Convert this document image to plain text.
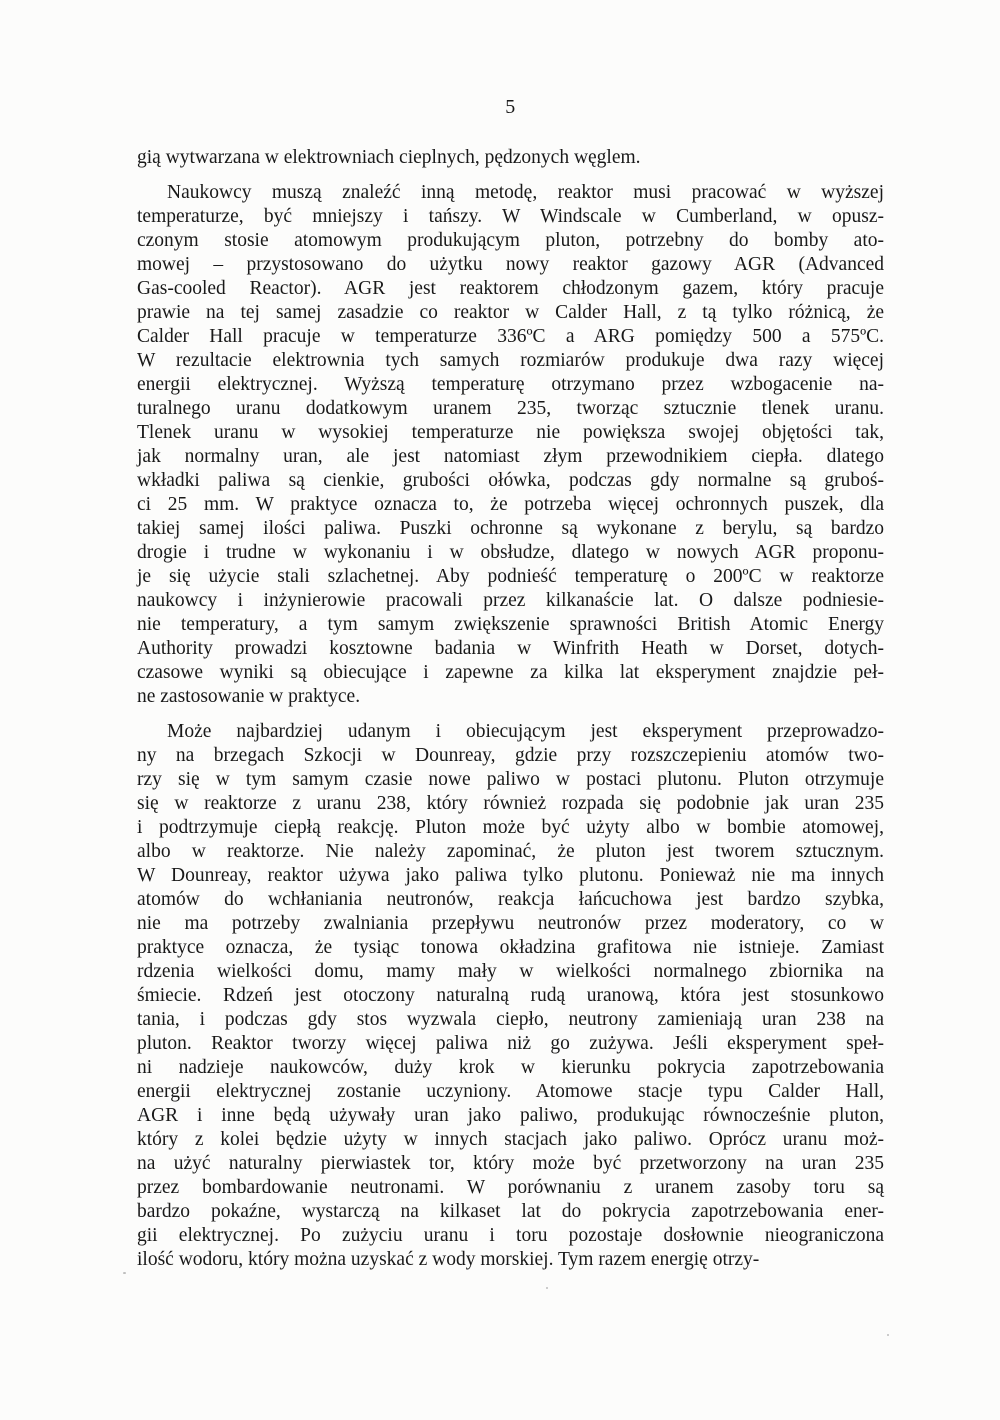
5
gią wytwarzana w elektrowniach cieplnych, pędzonych węglem.
Naukowcy muszą znaleźć inną metodę, reaktor musi pracować w wyższej
temperaturze, być mniejszy i tańszy. W Windscale w Cumberland, w opusz-
czonym stosie atomowym produkującym pluton, potrzebny do bomby ato-
mowej – przystosowano do użytku nowy reaktor gazowy AGR (Advanced
Gas-cooled Reactor). AGR jest reaktorem chłodzonym gazem, który pracuje
prawie na tej samej zasadzie co reaktor w Calder Hall, z tą tylko różnicą, że
Calder Hall pracuje w temperaturze 336ºC a ARG pomiędzy 500 a 575ºC.
W rezultacie elektrownia tych samych rozmiarów produkuje dwa razy więcej
energii elektrycznej. Wyższą temperaturę otrzymano przez wzbogacenie na-
turalnego uranu dodatkowym uranem 235, tworząc sztucznie tlenek uranu.
Tlenek uranu w wysokiej temperaturze nie powiększa swojej objętości tak,
jak normalny uran, ale jest natomiast złym przewodnikiem ciepła. dlatego
wkładki paliwa są cienkie, grubości ołówka, podczas gdy normalne są gruboś-
ci 25 mm. W praktyce oznacza to, że potrzeba więcej ochronnych puszek, dla
takiej samej ilości paliwa. Puszki ochronne są wykonane z berylu, są bardzo
drogie i trudne w wykonaniu i w obsłudze, dlatego w nowych AGR proponu-
je się użycie stali szlachetnej. Aby podnieść temperaturę o 200ºC w reaktorze
naukowcy i inżynierowie pracowali przez kilkanaście lat. O dalsze podniesie-
nie temperatury, a tym samym zwiększenie sprawności British Atomic Energy
Authority prowadzi kosztowne badania w Winfrith Heath w Dorset, dotych-
czasowe wyniki są obiecujące i zapewne za kilka lat eksperyment znajdzie peł-
ne zastosowanie w praktyce.
Może najbardziej udanym i obiecującym jest eksperyment przeprowadzo-
ny na brzegach Szkocji w Dounreay, gdzie przy rozszczepieniu atomów two-
rzy się w tym samym czasie nowe paliwo w postaci plutonu. Pluton otrzymuje
się w reaktorze z uranu 238, który również rozpada się podobnie jak uran 235
i podtrzymuje ciepłą reakcję. Pluton może być użyty albo w bombie atomowej,
albo w reaktorze. Nie należy zapominać, że pluton jest tworem sztucznym.
W Dounreay, reaktor używa jako paliwa tylko plutonu. Ponieważ nie ma innych
atomów do wchłaniania neutronów, reakcja łańcuchowa jest bardzo szybka,
nie ma potrzeby zwalniania przepływu neutronów przez moderatory, co w
praktyce oznacza, że tysiąc tonowa okładzina grafitowa nie istnieje. Zamiast
rdzenia wielkości domu, mamy mały w wielkości normalnego zbiornika na
śmiecie. Rdzeń jest otoczony naturalną rudą uranową, która jest stosunkowo
tania, i podczas gdy stos wyzwala ciepło, neutrony zamieniają uran 238 na
pluton. Reaktor tworzy więcej paliwa niż go zużywa. Jeśli eksperyment speł-
ni nadzieje naukowców, duży krok w kierunku pokrycia zapotrzebowania
energii elektrycznej zostanie uczyniony. Atomowe stacje typu Calder Hall,
AGR i inne będą używały uran jako paliwo, produkując równocześnie pluton,
który z kolei będzie użyty w innych stacjach jako paliwo. Oprócz uranu moż-
na użyć naturalny pierwiastek tor, który może być przetworzony na uran 235
przez bombardowanie neutronami. W porównaniu z uranem zasoby toru są
bardzo pokaźne, wystarczą na kilkaset lat do pokrycia zapotrzebowania ener-
gii elektrycznej. Po zużyciu uranu i toru pozostaje dosłownie nieograniczona
ilość wodoru, który można uzyskać z wody morskiej. Tym razem energię otrzy-
